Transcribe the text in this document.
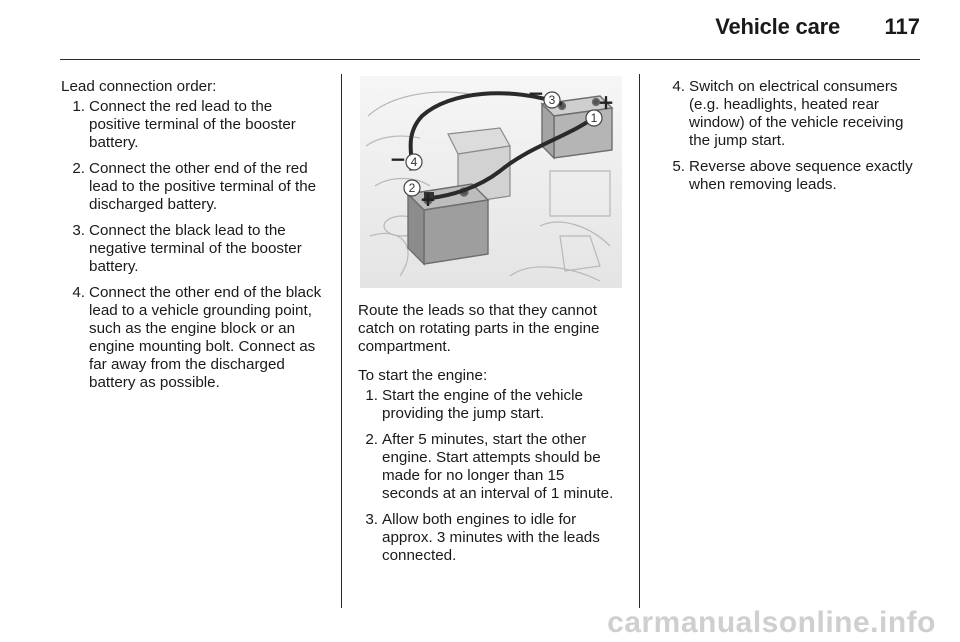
Vehicle care 117
Lead connection order:
1. Connect the red lead to the positive terminal of the booster battery.
2. Connect the other end of the red lead to the positive terminal of the discharged battery.
3. Connect the black lead to the negative terminal of the booster battery.
4. Connect the other end of the black lead to a vehicle grounding point, such as the engine block or an engine mounting bolt. Connect as far away from the discharged battery as possible.
1
2
3
4
+
−
−
+

Route the leads so that they cannot catch on rotating parts in the engine compartment.

To start the engine:
1. Start the engine of the vehicle providing the jump start.
2. After 5 minutes, start the other engine. Start attempts should be made for no longer than 15 seconds at an interval of 1 minute.
3. Allow both engines to idle for approx. 3 minutes with the leads connected.
4. Switch on electrical consumers (e.g. headlights, heated rear window) of the vehicle receiving the jump start.
5. Reverse above sequence exactly when removing leads.
carmanualsonline.info
